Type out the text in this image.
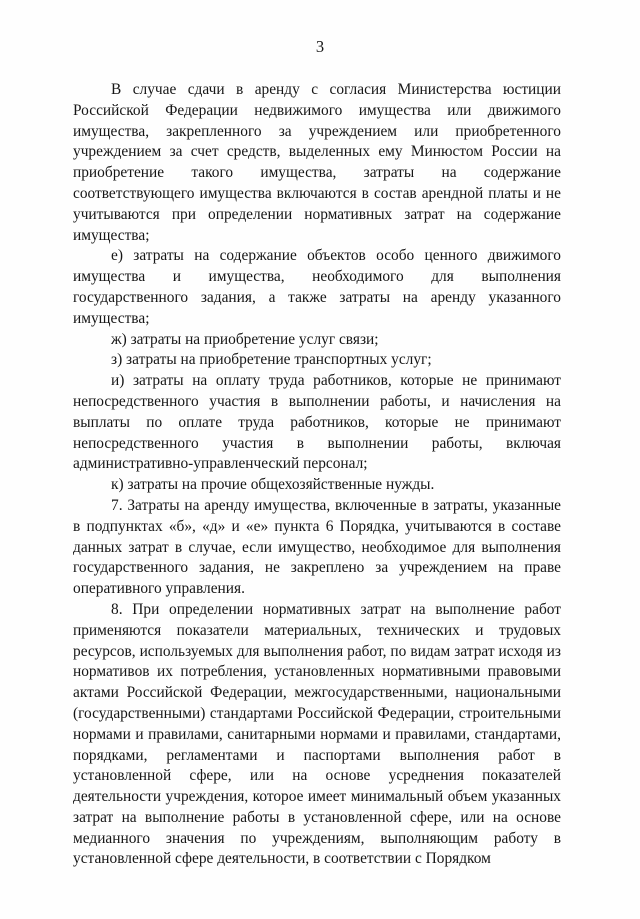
3

В случае сдачи в аренду с согласия Министерства юстиции Российской Федерации недвижимого имущества или движимого имущества, закрепленного за учреждением или приобретенного учреждением за счет средств, выделенных ему Минюстом России на приобретение такого имущества, затраты на содержание соответствующего имущества включаются в состав арендной платы и не учитываются при определении нормативных затрат на содержание имущества;

е) затраты на содержание объектов особо ценного движимого имущества и имущества, необходимого для выполнения государственного задания, а также затраты на аренду указанного имущества;

ж) затраты на приобретение услуг связи;

з) затраты на приобретение транспортных услуг;

и) затраты на оплату труда работников, которые не принимают непосредственного участия в выполнении работы, и начисления на выплаты по оплате труда работников, которые не принимают непосредственного участия в выполнении работы, включая административно-управленческий персонал;

к) затраты на прочие общехозяйственные нужды.

7. Затраты на аренду имущества, включенные в затраты, указанные в подпунктах «б», «д» и «е» пункта 6 Порядка, учитываются в составе данных затрат в случае, если имущество, необходимое для выполнения государственного задания, не закреплено за учреждением на праве оперативного управления.

8. При определении нормативных затрат на выполнение работ применяются показатели материальных, технических и трудовых ресурсов, используемых для выполнения работ, по видам затрат исходя из нормативов их потребления, установленных нормативными правовыми актами Российской Федерации, межгосударственными, национальными (государственными) стандартами Российской Федерации, строительными нормами и правилами, санитарными нормами и правилами, стандартами, порядками, регламентами и паспортами выполнения работ в установленной сфере, или на основе усреднения показателей деятельности учреждения, которое имеет минимальный объем указанных затрат на выполнение работы в установленной сфере, или на основе медианного значения по учреждениям, выполняющим работу в установленной сфере деятельности, в соответствии с Порядком
